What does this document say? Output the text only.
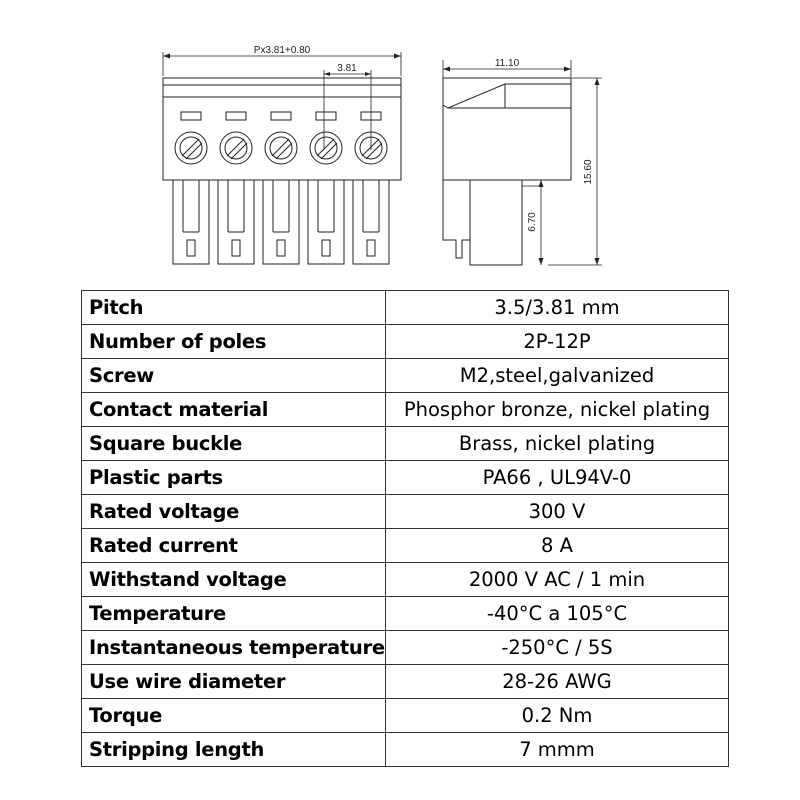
Px3.81+0.80
3.81	11.10
15.60
6.70
Pitch	3.5/3.81 mm
Number of poles	2P-12P
Screw	M2,steel,galvanized
Contact material	Phosphor bronze, nickel plating
Square buckle	Brass, nickel plating
Plastic parts	PA66 , UL94V-0
Rated voltage	300 V
Rated current	8 A
Withstand voltage	2000 V AC / 1 min
Temperature	-40°C a 105°C
Instantaneous temperature	-250°C / 5S
Use wire diameter	28-26 AWG
Torque	0.2 Nm
Stripping length	7 mmm
